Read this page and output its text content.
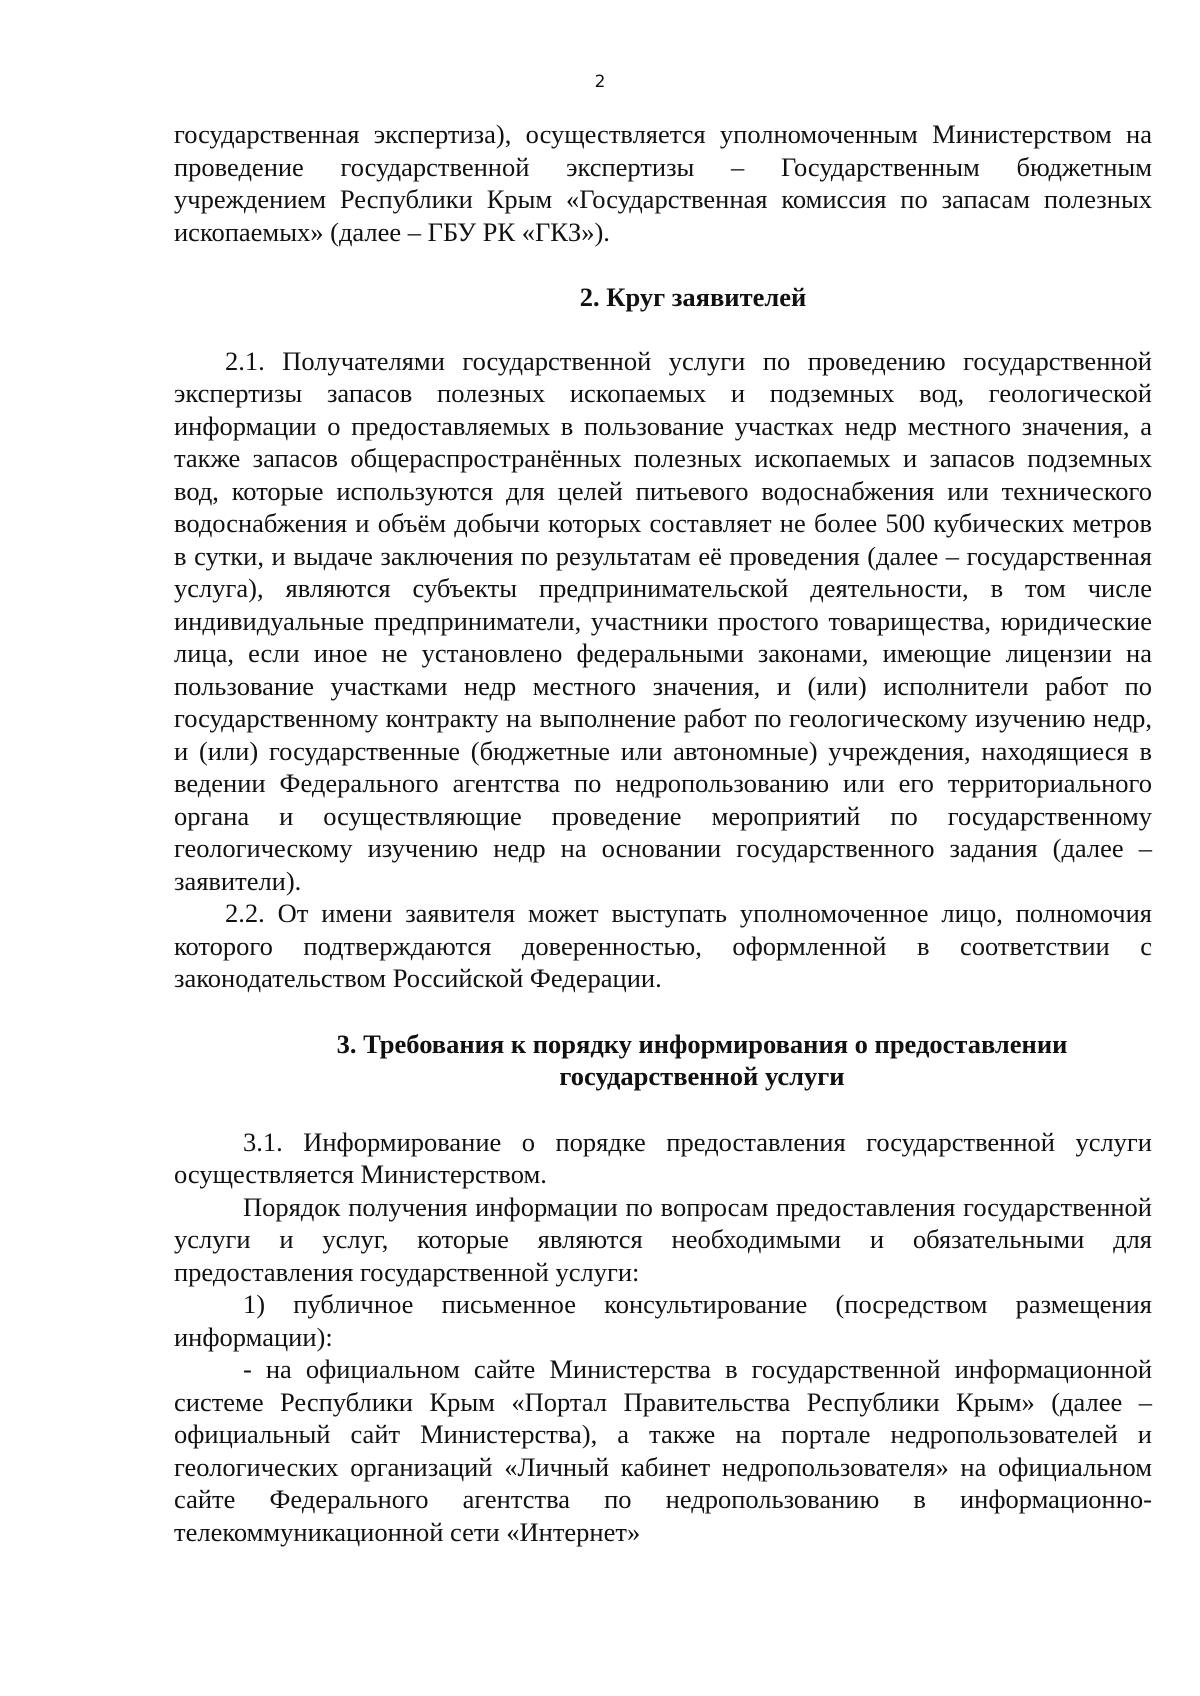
2

государственная экспертиза), осуществляется уполномоченным Министерством на проведение государственной экспертизы – Государственным бюджетным учреждением Республики Крым «Государственная комиссия по запасам полезных ископаемых» (далее – ГБУ РК «ГКЗ»).

2. Круг заявителей

2.1. Получателями государственной услуги по проведению государственной экспертизы запасов полезных ископаемых и подземных вод, геологической информации о предоставляемых в пользование участках недр местного значения, а также запасов общераспространённых полезных ископаемых и запасов подземных вод, которые используются для целей питьевого водоснабжения или технического водоснабжения и объём добычи которых составляет не более 500 кубических метров в сутки, и выдаче заключения по результатам её проведения (далее – государственная услуга), являются субъекты предпринимательской деятельности, в том числе индивидуальные предприниматели, участники простого товарищества, юридические лица, если иное не установлено федеральными законами, имеющие лицензии на пользование участками недр местного значения, и (или) исполнители работ по государственному контракту на выполнение работ по геологическому изучению недр, и (или) государственные (бюджетные или автономные) учреждения, находящиеся в ведении Федерального агентства по недропользованию или его территориального органа и осуществляющие проведение мероприятий по государственному геологическому изучению недр на основании государственного задания (далее – заявители).

2.2. От имени заявителя может выступать уполномоченное лицо, полномочия которого подтверждаются доверенностью, оформленной в соответствии с законодательством Российской Федерации.

3. Требования к порядку информирования о предоставлении
государственной услуги

3.1. Информирование о порядке предоставления государственной услуги осуществляется Министерством.

Порядок получения информации по вопросам предоставления государственной услуги и услуг, которые являются необходимыми и обязательными для предоставления государственной услуги:

1) публичное письменное консультирование (посредством размещения информации):

- на официальном сайте Министерства в государственной информационной системе Республики Крым «Портал Правительства Республики Крым» (далее – официальный сайт Министерства), а также на портале недропользователей и геологических организаций «Личный кабинет недропользователя» на официальном сайте Федерального агентства по недропользованию в информационно-телекоммуникационной сети «Интернет»
